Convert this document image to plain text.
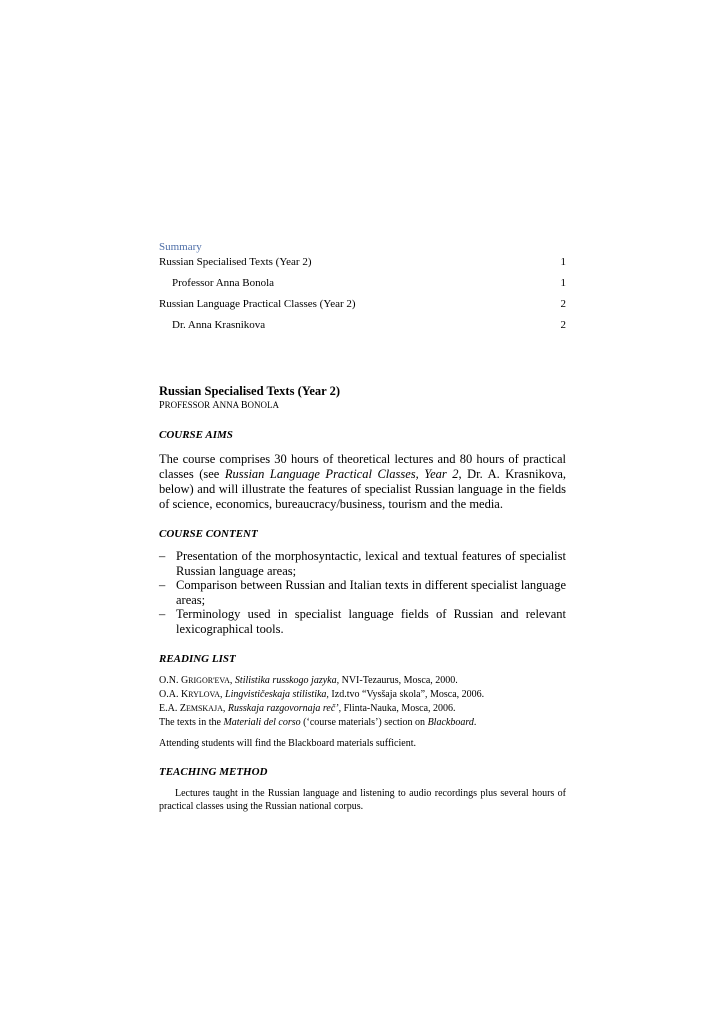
Summary
Russian Specialised Texts (Year 2)	1
Professor Anna Bonola	1
Russian Language Practical Classes (Year 2)	2
Dr. Anna Krasnikova	2
Russian Specialised Texts (Year 2)
PROFESSOR ANNA BONOLA
COURSE AIMS
The course comprises 30 hours of theoretical lectures and 80 hours of practical classes (see Russian Language Practical Classes, Year 2, Dr. A. Krasnikova, below) and will illustrate the features of specialist Russian language in the fields of science, economics, bureaucracy/business, tourism and the media.
COURSE CONTENT
– Presentation of the morphosyntactic, lexical and textual features of specialist Russian language areas;
– Comparison between Russian and Italian texts in different specialist language areas;
– Terminology used in specialist language fields of Russian and relevant lexicographical tools.
READING LIST
O.N. GRIGOR'EVA, Stilistika russkogo jazyka, NVI-Tezaurus, Mosca, 2000.
O.A. KRYLOVA, Lingvističeskaja stilistika, Izd.tvo “Vysšaja skola”, Mosca, 2006.
E.A. ZEMSKAJA, Russkaja razgovornaja reč’, Flinta-Nauka, Mosca, 2006.
The texts in the Materiali del corso (‘course materials’) section on Blackboard.
Attending students will find the Blackboard materials sufficient.
TEACHING METHOD
Lectures taught in the Russian language and listening to audio recordings plus several hours of practical classes using the Russian national corpus.
